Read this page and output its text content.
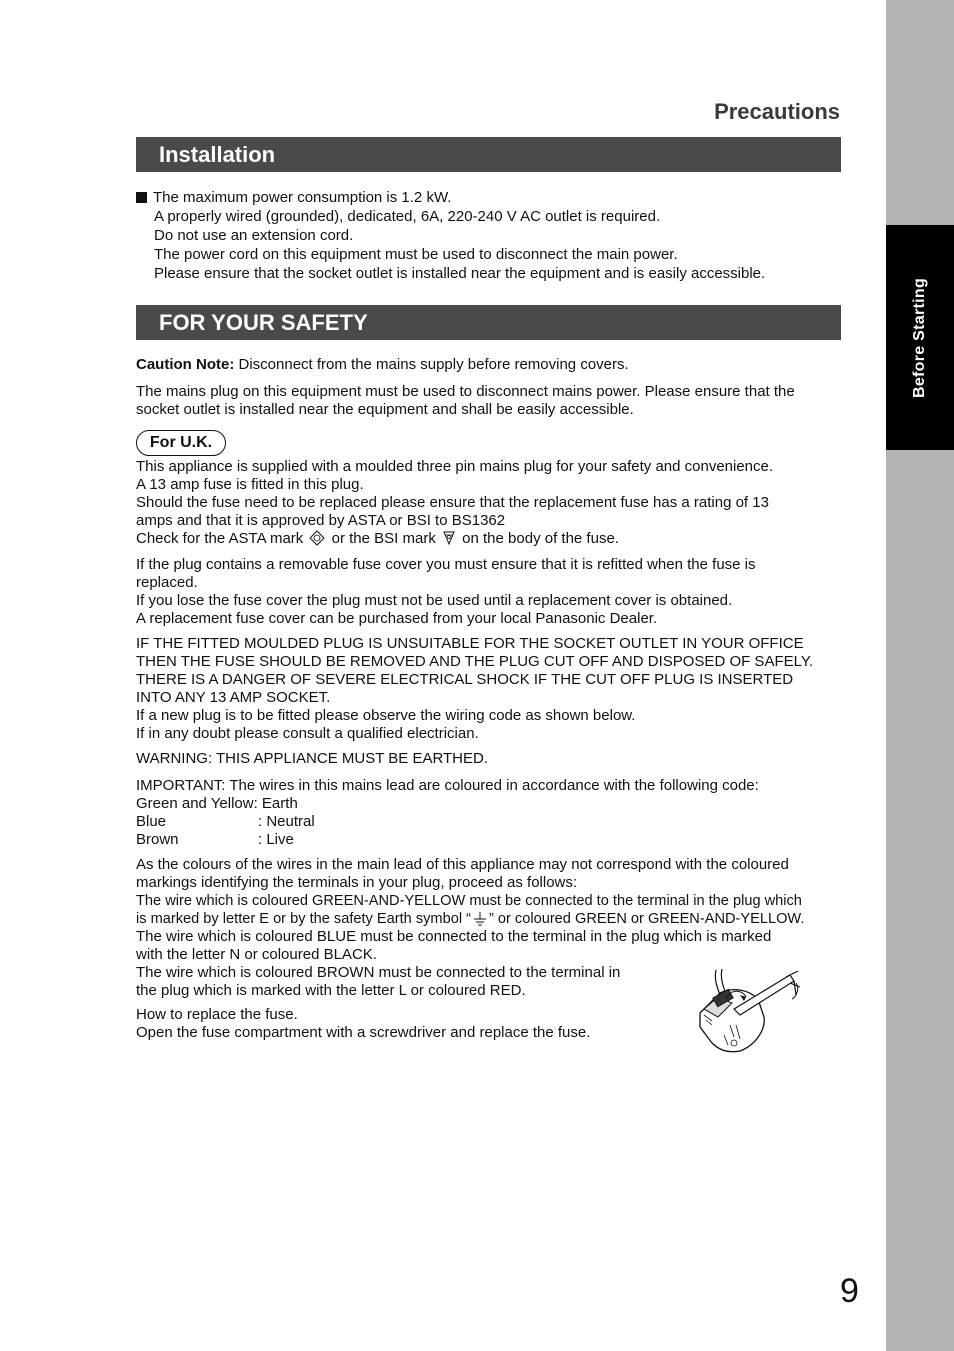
Before Starting
Precautions
Installation
The maximum power consumption is 1.2 kW.
A properly wired (grounded), dedicated, 6A, 220-240 V AC outlet is required.
Do not use an extension cord.
The power cord on this equipment must be used to disconnect the main power.
Please ensure that the socket outlet is installed near the equipment and is easily accessible.
FOR YOUR SAFETY
Caution Note: Disconnect from the mains supply before removing covers.
The mains plug on this equipment must be used to disconnect mains power. Please ensure that the
socket outlet is installed near the equipment and shall be easily accessible.
For U.K.
This appliance is supplied with a moulded three pin mains plug for your safety and convenience.
A 13 amp fuse is fitted in this plug.
Should the fuse need to be replaced please ensure that the replacement fuse has a rating of 13
amps and that it is approved by ASTA or BSI to BS1362
Check for the ASTA mark  or the BSI mark  on the body of the fuse.
If the plug contains a removable fuse cover you must ensure that it is refitted when the fuse is
replaced.
If you lose the fuse cover the plug must not be used until a replacement cover is obtained.
A replacement fuse cover can be purchased from your local Panasonic Dealer.
IF THE FITTED MOULDED PLUG IS UNSUITABLE FOR THE SOCKET OUTLET IN YOUR OFFICE
THEN THE FUSE SHOULD BE REMOVED AND THE PLUG CUT OFF AND DISPOSED OF SAFELY.
THERE IS A DANGER OF SEVERE ELECTRICAL SHOCK IF THE CUT OFF PLUG IS INSERTED
INTO ANY 13 AMP SOCKET.
If a new plug is to be fitted please observe the wiring code as shown below.
If in any doubt please consult a qualified electrician.
WARNING: THIS APPLIANCE MUST BE EARTHED.
IMPORTANT: The wires in this mains lead are coloured in accordance with the following code:
Green and Yellow: Earth
Blue	: Neutral
Brown	: Live
As the colours of the wires in the main lead of this appliance may not correspond with the coloured
markings identifying the terminals in your plug, proceed as follows:
The wire which is coloured GREEN-AND-YELLOW must be connected to the terminal in the plug which
is marked by letter E or by the safety Earth symbol “ ” or coloured GREEN or GREEN-AND-YELLOW.
The wire which is coloured BLUE must be connected to the terminal in the plug which is marked
with the letter N or coloured BLACK.
The wire which is coloured BROWN must be connected to the terminal in
the plug which is marked with the letter L or coloured RED.
How to replace the fuse.
Open the fuse compartment with a screwdriver and replace the fuse.
9
